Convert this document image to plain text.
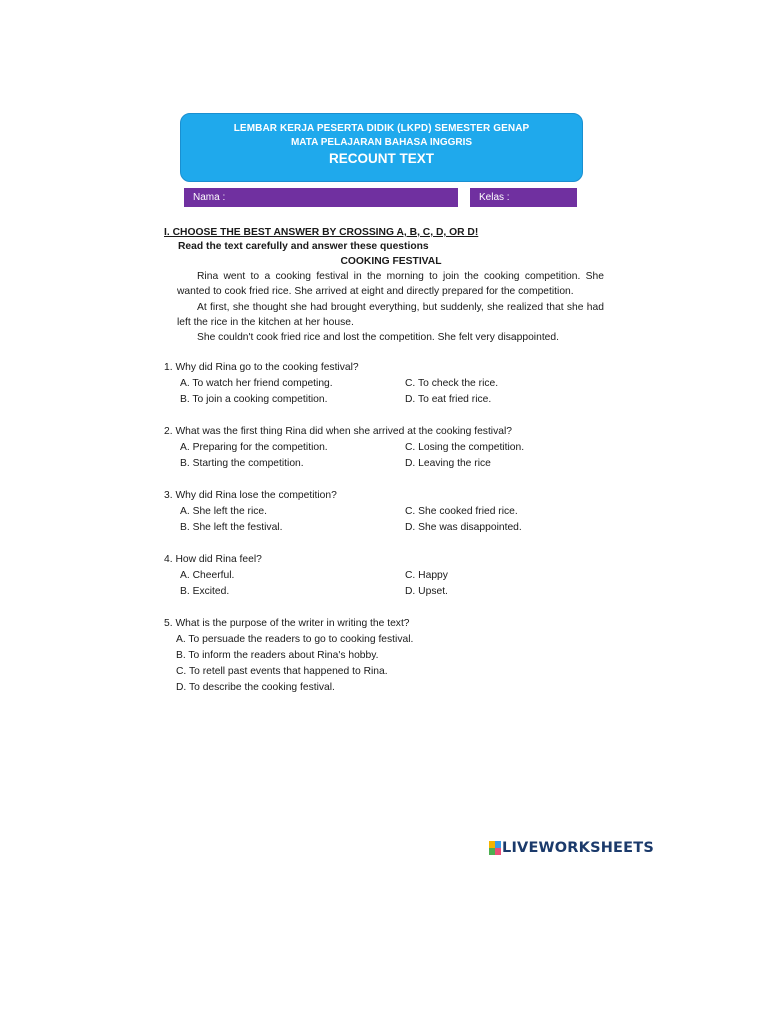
LEMBAR KERJA PESERTA DIDIK (LKPD) SEMESTER GENAP
MATA PELAJARAN BAHASA INGGRIS
RECOUNT TEXT
Nama :	Kelas :
I. CHOOSE THE BEST ANSWER BY CROSSING A, B, C, D, OR D!
Read the text carefully and answer these questions
COOKING FESTIVAL

Rina went to a cooking festival in the morning to join the cooking competition. She wanted to cook fried rice. She arrived at eight and directly prepared for the competition.

At first, she thought she had brought everything, but suddenly, she realized that she had left the rice in the kitchen at her house.

She couldn't cook fried rice and lost the competition. She felt very disappointed.

1. Why did Rina go to the cooking festival?
A. To watch her friend competing.	C. To check the rice.
B. To join a cooking competition.	D. To eat fried rice.
2. What was the first thing Rina did when she arrived at the cooking festival?
A. Preparing for the competition.	C. Losing the competition.
B. Starting the competition.	D. Leaving the rice
3. Why did Rina lose the competition?
A. She left the rice.	C. She cooked fried rice.
B. She left the festival.	D. She was disappointed.
4. How did Rina feel?
A. Cheerful.	C. Happy
B. Excited.	D. Upset.
5. What is the purpose of the writer in writing the text?
A. To persuade the readers to go to cooking festival.
B. To inform the readers about Rina's hobby.
C. To retell past events that happened to Rina.
D. To describe the cooking festival.
LIVEWORKSHEETS
